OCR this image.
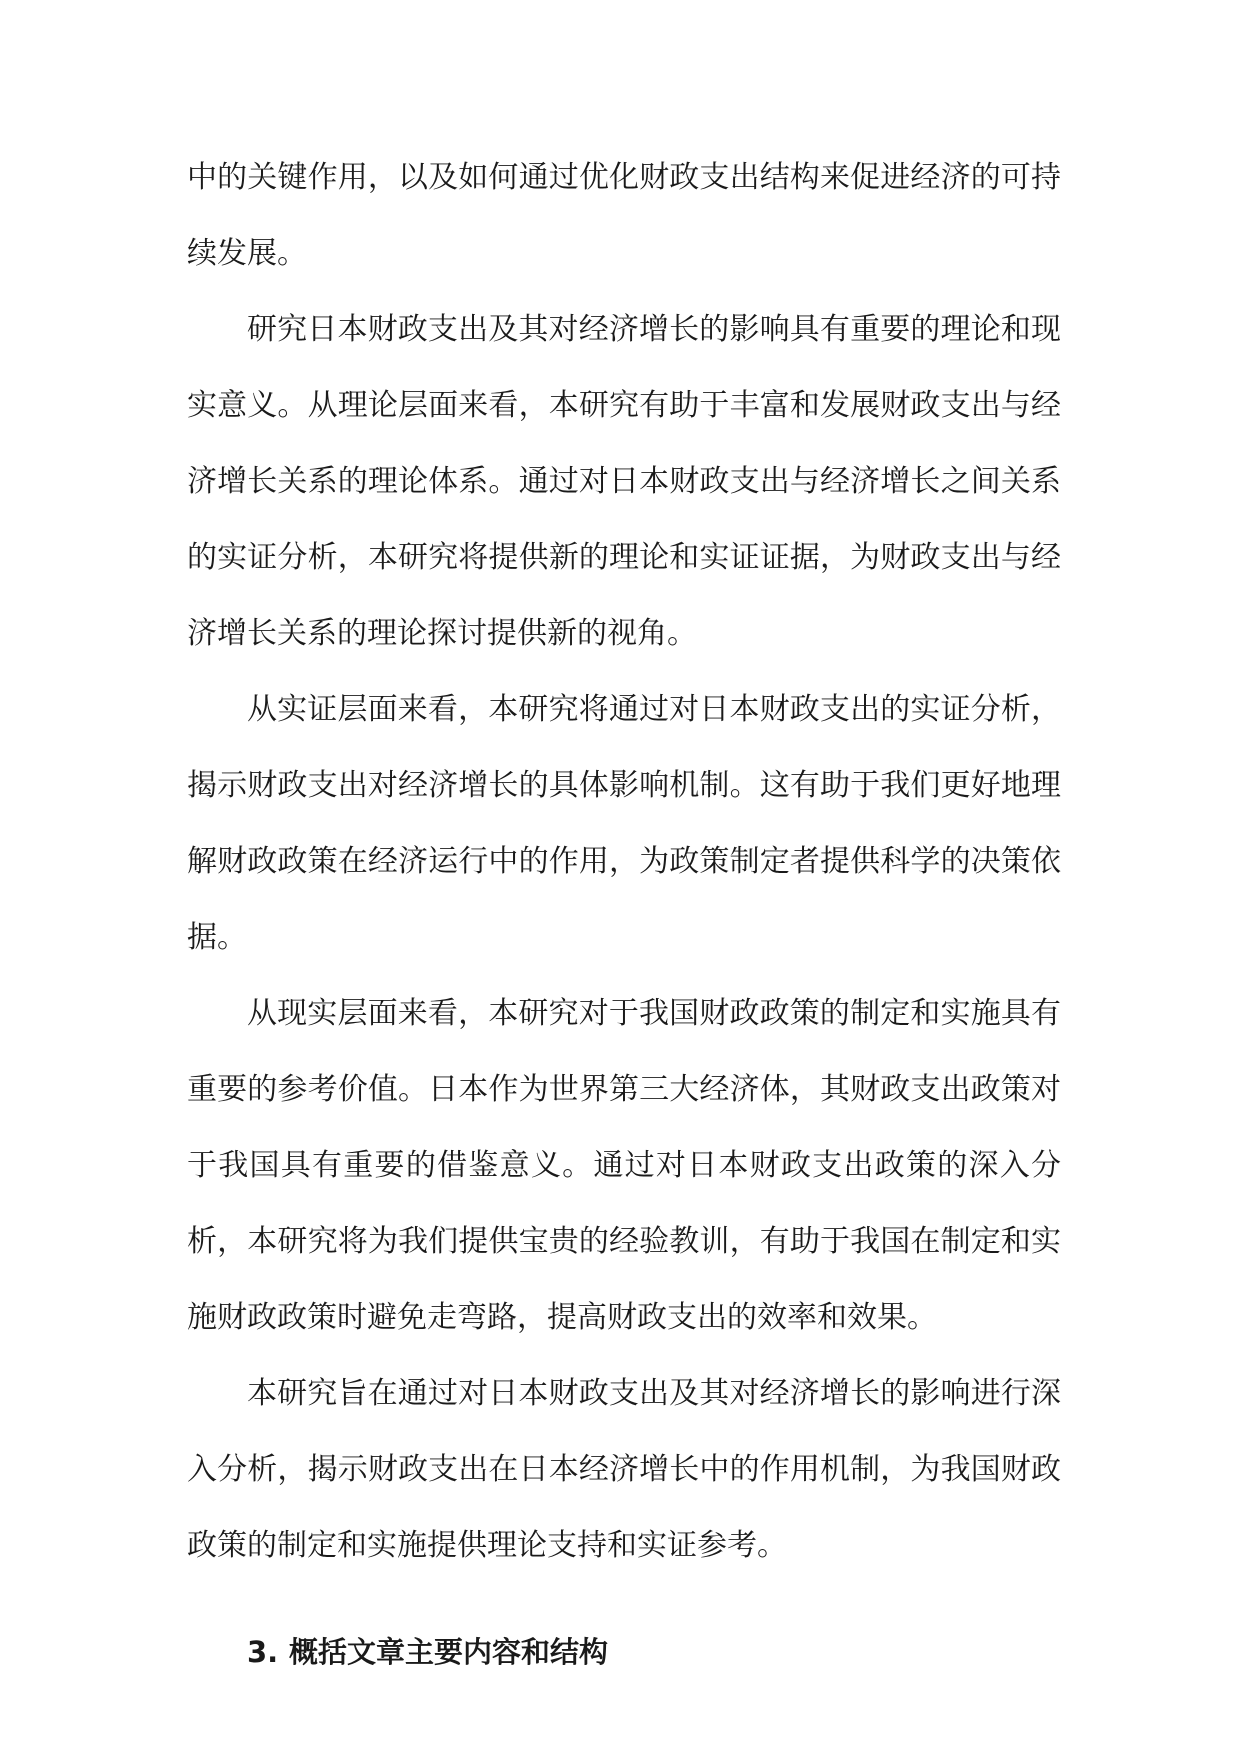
中的关键作用，以及如何通过优化财政支出结构来促进经济的可持续发展。

研究日本财政支出及其对经济增长的影响具有重要的理论和现实意义。从理论层面来看，本研究有助于丰富和发展财政支出与经济增长关系的理论体系。通过对日本财政支出与经济增长之间关系的实证分析，本研究将提供新的理论和实证证据，为财政支出与经济增长关系的理论探讨提供新的视角。

从实证层面来看，本研究将通过对日本财政支出的实证分析，揭示财政支出对经济增长的具体影响机制。这有助于我们更好地理解财政政策在经济运行中的作用，为政策制定者提供科学的决策依据。

从现实层面来看，本研究对于我国财政政策的制定和实施具有重要的参考价值。日本作为世界第三大经济体，其财政支出政策对于我国具有重要的借鉴意义。通过对日本财政支出政策的深入分析，本研究将为我们提供宝贵的经验教训，有助于我国在制定和实施财政政策时避免走弯路，提高财政支出的效率和效果。

本研究旨在通过对日本财政支出及其对经济增长的影响进行深入分析，揭示财政支出在日本经济增长中的作用机制，为我国财政政策的制定和实施提供理论支持和实证参考。

3. 概括文章主要内容和结构
